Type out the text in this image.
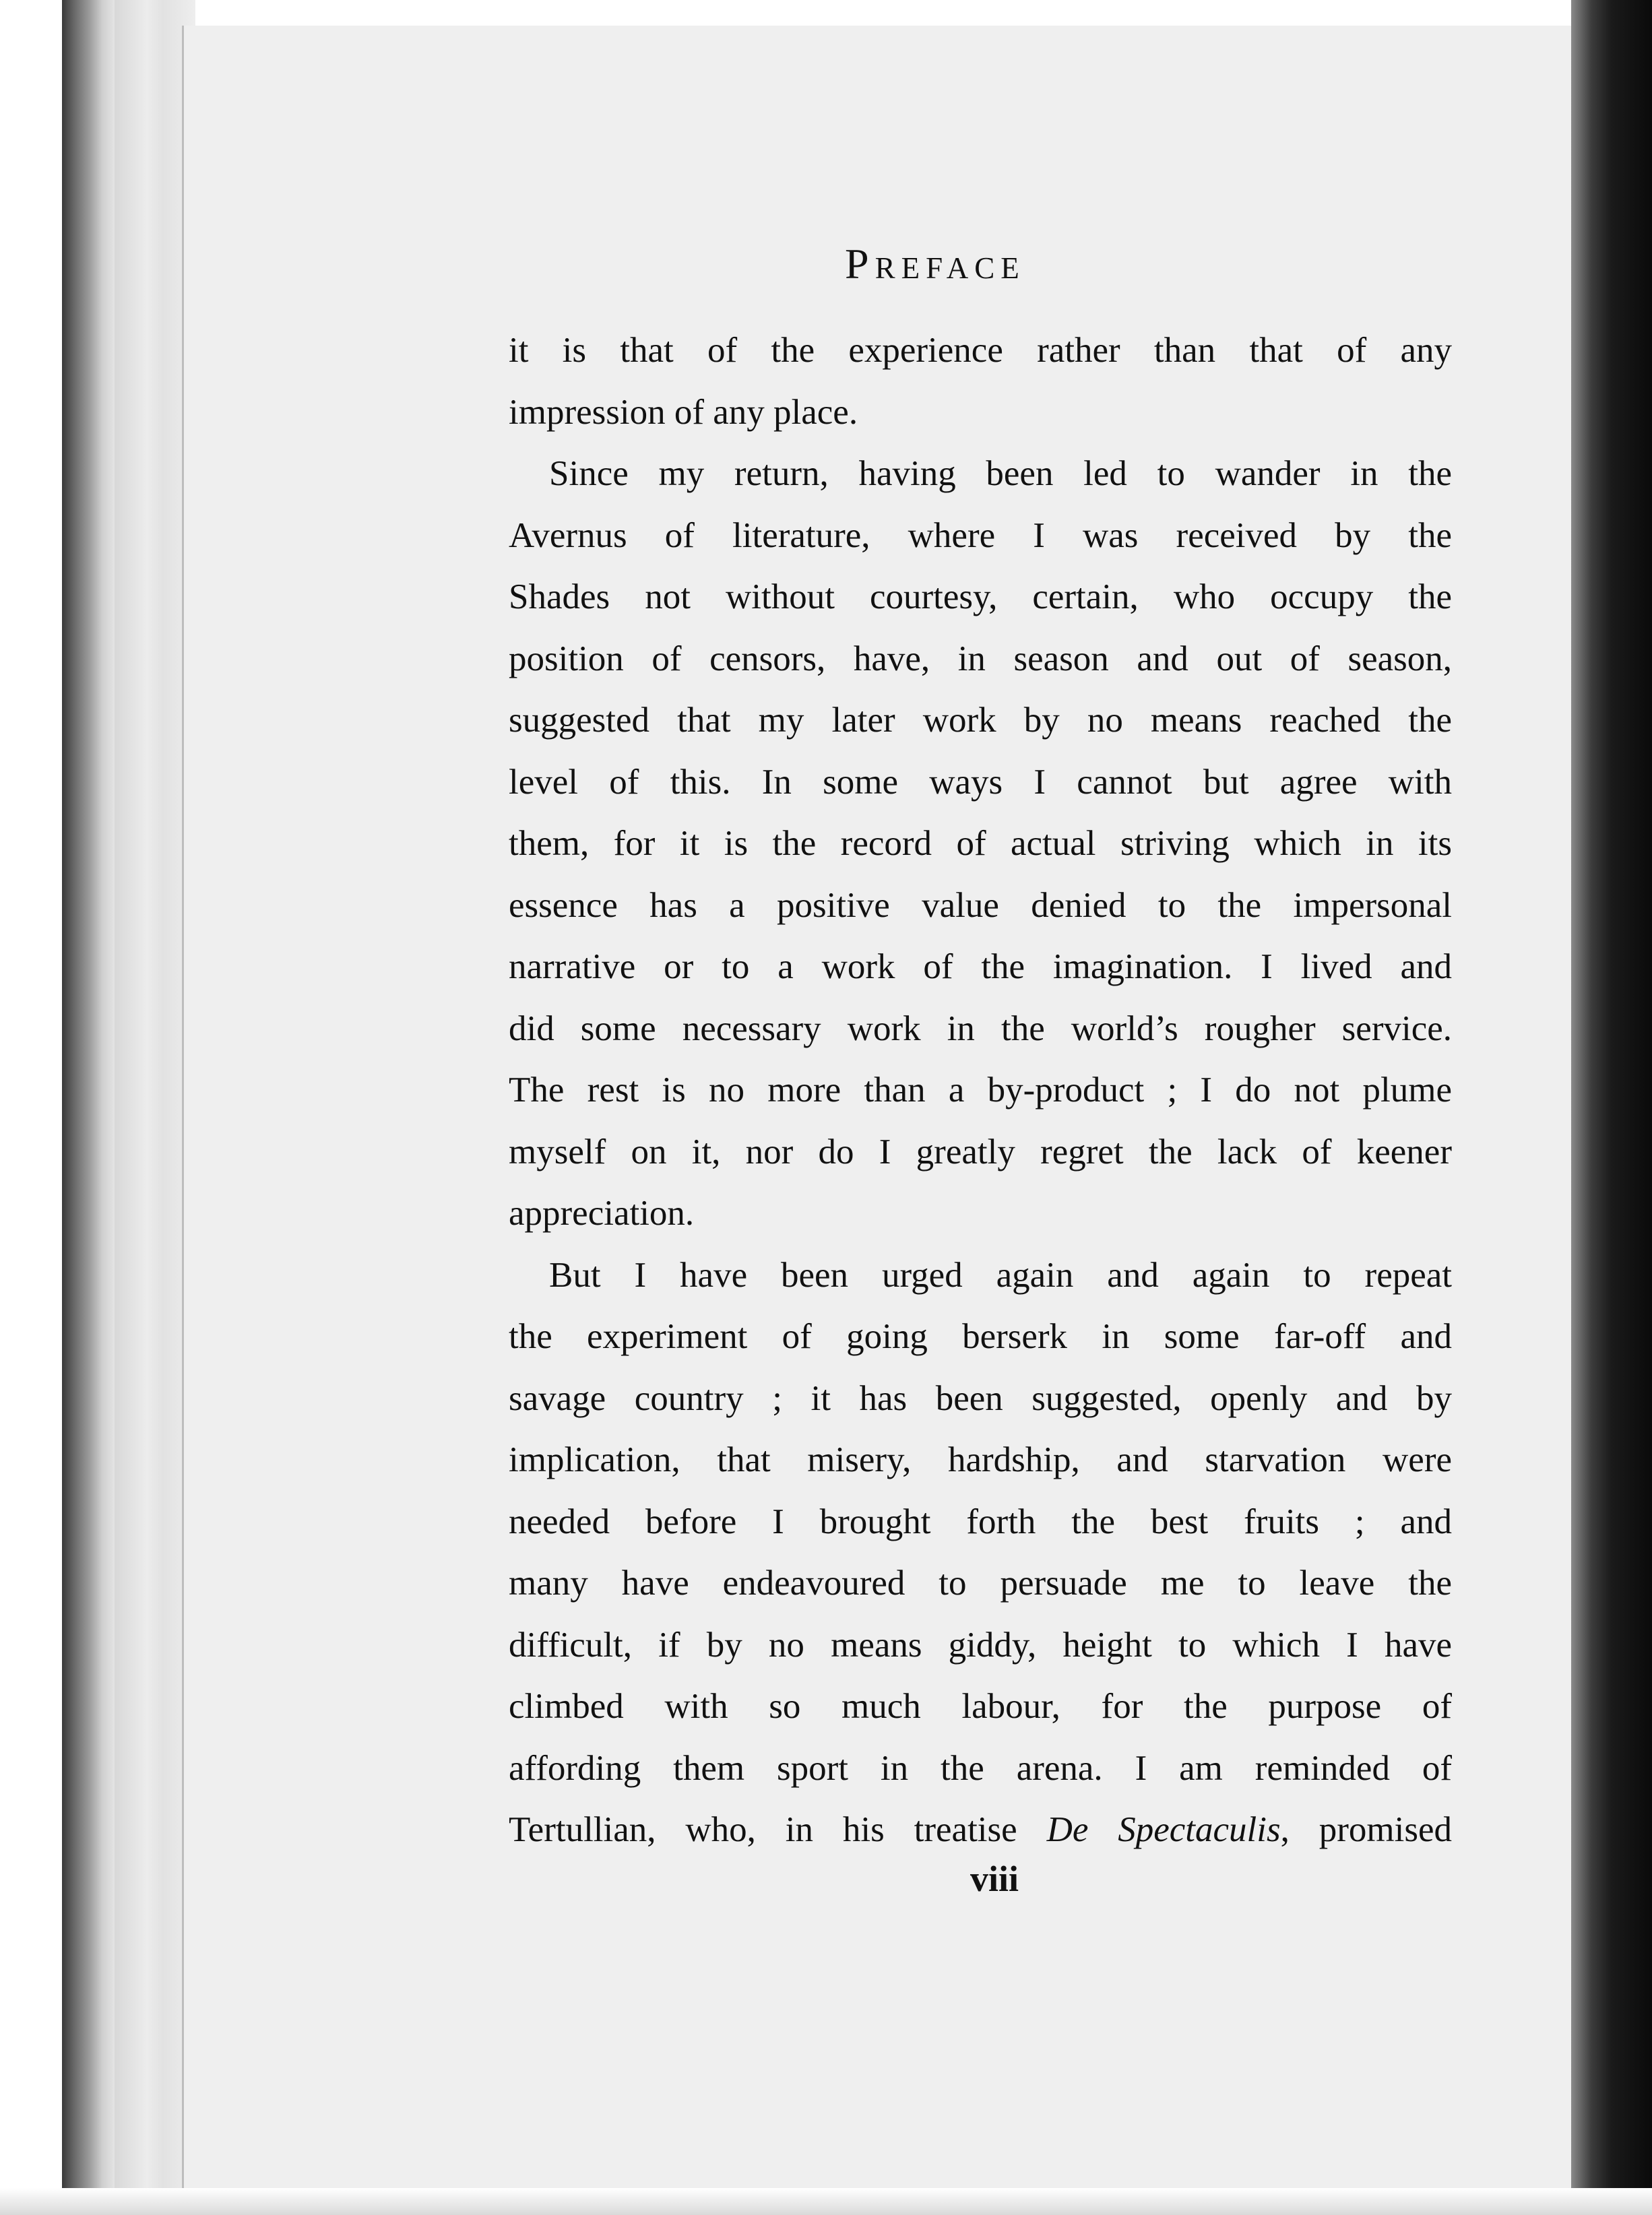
Preface
it is that of the experience rather than that of any
impression of any place.
Since my return, having been led to wander in the
Avernus of literature, where I was received by the
Shades not without courtesy, certain, who occupy the
position of censors, have, in season and out of season,
suggested that my later work by no means reached the
level of this. In some ways I cannot but agree with
them, for it is the record of actual striving which in its
essence has a positive value denied to the impersonal
narrative or to a work of the imagination. I lived and
did some necessary work in the world’s rougher service.
The rest is no more than a by-product ; I do not plume
myself on it, nor do I greatly regret the lack of keener
appreciation.
But I have been urged again and again to repeat
the experiment of going berserk in some far-off and
savage country ; it has been suggested, openly and by
implication, that misery, hardship, and starvation were
needed before I brought forth the best fruits ; and
many have endeavoured to persuade me to leave the
difficult, if by no means giddy, height to which I have
climbed with so much labour, for the purpose of
affording them sport in the arena. I am reminded of
Tertullian, who, in his treatise De Spectaculis, promised
viii
